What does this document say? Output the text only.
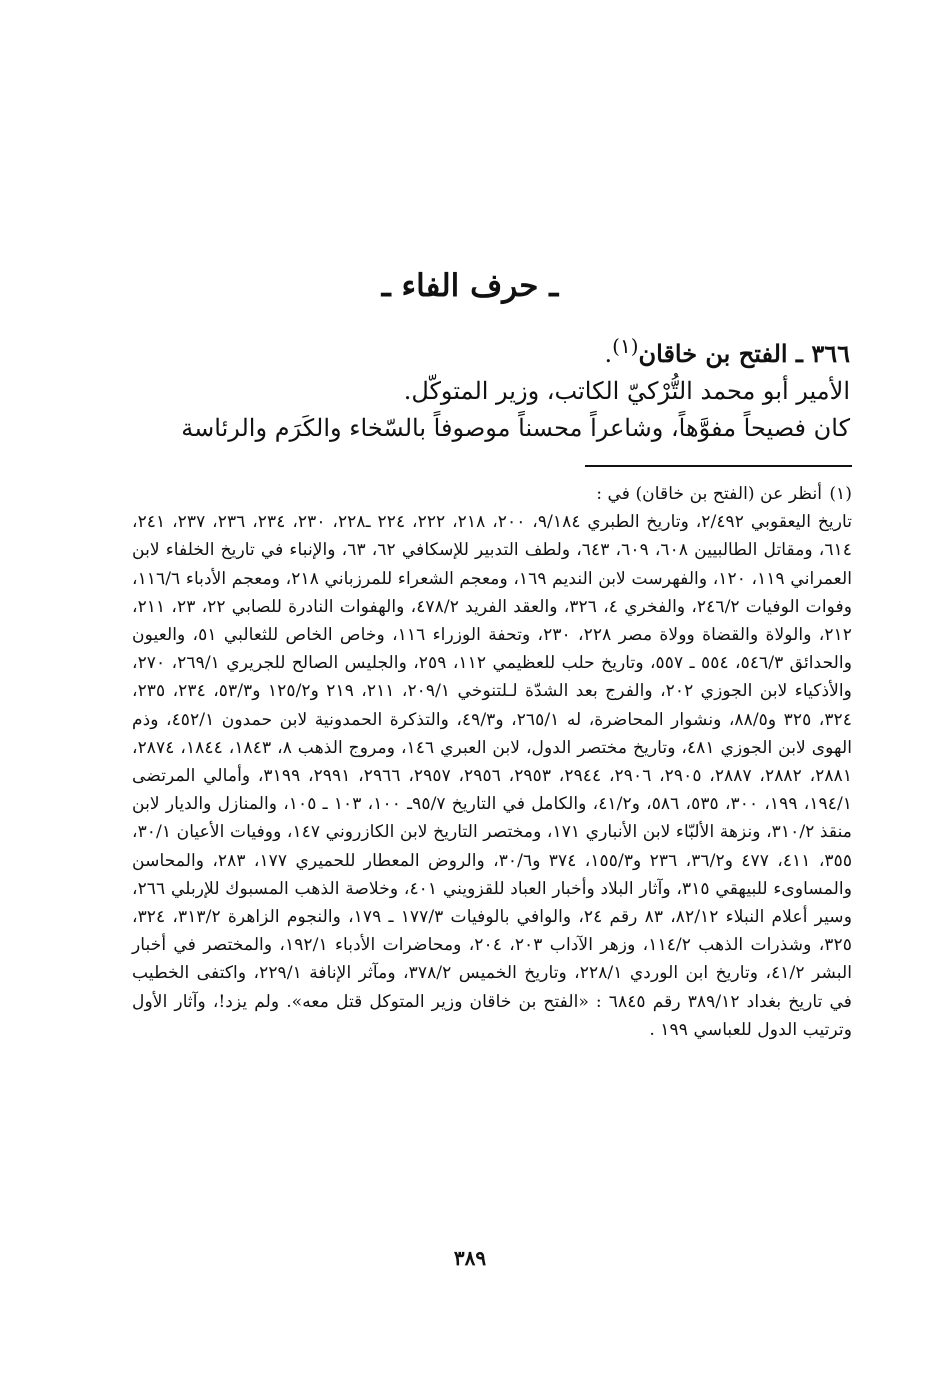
ـ حرف الفاء ـ

٣٦٦ ـ الفتح بن خاقان$^{(١)}$.

الأمير أبو محمد التُّرْكيّ الكاتب، وزير المتوكّل.

كان فصيحاً مفوَّهاً، وشاعراً محسناً موصوفاً بالسّخاء والكَرَم والرئاسة

(١)أنظر عن (الفتح بن خاقان) في :
تاريخ اليعقوبي ٢/٤٩٢، وتاريخ الطبري ٩/١٨٤، ٢٠٠، ٢١٨، ٢٢٢، ٢٢٤ ـ٢٢٨، ٢٣٠، ٢٣٤، ٢٣٦، ٢٣٧، ٢٤١، ٦١٤، ومقاتل الطالبيين ٦٠٨، ٦٠٩، ٦٤٣، ولطف التدبير للإسكافي ٦٢، ٦٣، والإنباء في تاريخ الخلفاء لابن العمراني ١١٩، ١٢٠، والفهرست لابن النديم ١٦٩، ومعجم الشعراء للمرزباني ٢١٨، ومعجم الأدباء ١١٦/٦، وفوات الوفيات ٢٤٦/٢، والفخري ٤، ٣٢٦، والعقد الفريد ٤٧٨/٢، والهفوات النادرة للصابي ٢٢، ٢٣، ٢١١، ٢١٢، والولاة والقضاة وولاة مصر ٢٢٨، ٢٣٠، وتحفة الوزراء ١١٦، وخاص الخاص للثعالبي ٥١، والعيون والحدائق ٥٤٦/٣، ٥٥٤ ـ ٥٥٧، وتاريخ حلب للعظيمي ١١٢، ٢٥٩، والجليس الصالح للجريري ٢٦٩/١، ٢٧٠، والأذكياء لابن الجوزي ٢٠٢، والفرج بعد الشدّة لـلتنوخي ٢٠٩/١، ٢١١، ٢١٩ و١٢٥/٢ و٥٣/٣، ٢٣٤، ٢٣٥، ٣٢٤، ٣٢٥ و٨٨/٥، ونشوار المحاضرة، له ٢٦٥/١، و٤٩/٣، والتذكرة الحمدونية لابن حمدون ٤٥٢/١، وذم الهوى لابن الجوزي ٤٨١، وتاريخ مختصر الدول، لابن العبري ١٤٦، ومروج الذهب ٨، ١٨٤٣، ١٨٤٤، ٢٨٧٤، ٢٨٨١، ٢٨٨٢، ٢٨٨٧، ٢٩٠٥، ٢٩٠٦، ٢٩٤٤، ٢٩٥٣، ٢٩٥٦، ٢٩٥٧، ٢٩٦٦، ٢٩٩١، ٣١٩٩، وأمالي المرتضى ١٩٤/١، ١٩٩، ٣٠٠، ٥٣٥، ٥٨٦، و٤١/٢، والكامل في التاريخ ٩٥/٧ـ ١٠٠، ١٠٣ ـ ١٠٥، والمنازل والديار لابن منقذ ٣١٠/٢، ونزهة الألبّاء لابن الأنباري ١٧١، ومختصر التاريخ لابن الكازروني ١٤٧، ووفيات الأعيان ٣٠/١، ٣٥٥، ٤١١، ٤٧٧ و٣٦/٢، ٢٣٦ و١٥٥/٣، ٣٧٤ و٣٠/٦، والروض المعطار للحميري ١٧٧، ٢٨٣، والمحاسن والمساوىء للبيهقي ٣١٥، وآثار البلاد وأخبار العباد للقزويني ٤٠١، وخلاصة الذهب المسبوك للإربلي ٢٦٦، وسير أعلام النبلاء ٨٢/١٢، ٨٣ رقم ٢٤، والوافي بالوفيات ١٧٧/٣ ـ ١٧٩، والنجوم الزاهرة ٣١٣/٢، ٣٢٤، ٣٢٥، وشذرات الذهب ١١٤/٢، وزهر الآداب ٢٠٣، ٢٠٤، ومحاضرات الأدباء ١٩٢/١، والمختصر في أخبار البشر ٤١/٢، وتاريخ ابن الوردي ٢٢٨/١، وتاريخ الخميس ٣٧٨/٢، ومآثر الإنافة ٢٢٩/١، واكتفى الخطيب في تاريخ بغداد ٣٨٩/١٢ رقم ٦٨٤٥ : «الفتح بن خاقان وزير المتوكل قتل معه». ولم يزد!، وآثار الأول وترتيب الدول للعباسي ١٩٩ .
٣٨٩
